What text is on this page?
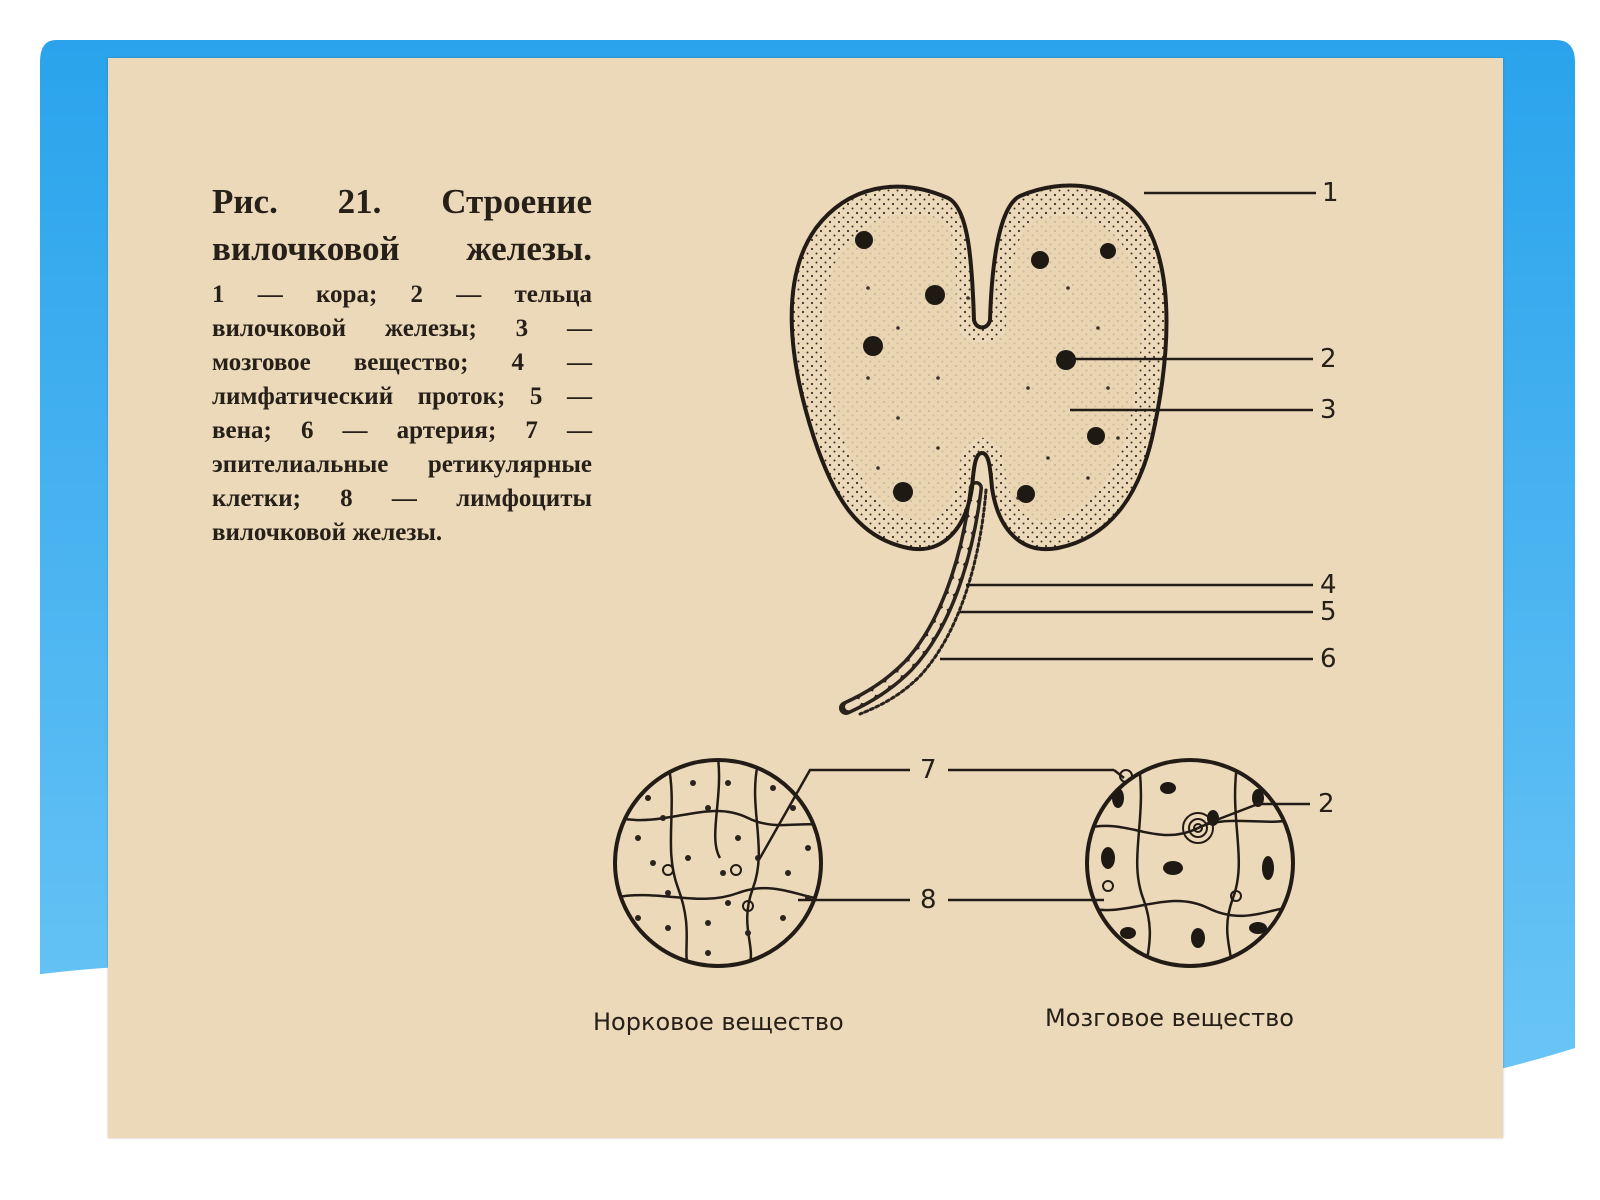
Рис. 21. Строение вилочковой железы.
1 — кора; 2 — тельца вилочковой железы; 3 — мозговое вещество; 4 — лимфатический проток; 5 — вена; 6 — артерия; 7 — эпителиальные ретикулярные клетки; 8 — лимфоциты вилочковой железы.
1
2
3
4
5
6
7
2
8
Норковое вещество	Мозговое вещество
